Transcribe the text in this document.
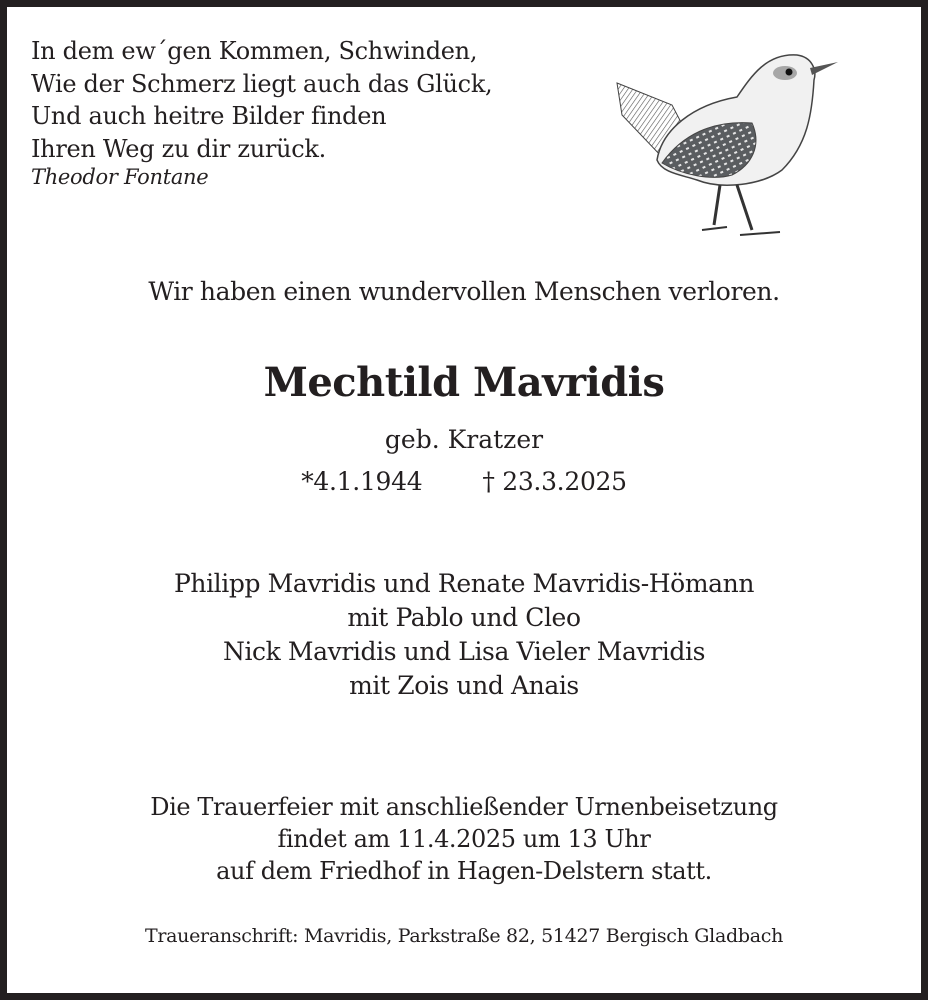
In dem ew´gen Kommen, Schwinden,
Wie der Schmerz liegt auch das Glück,
Und auch heitre Bilder finden
Ihren Weg zu dir zurück.
Theodor Fontane
Wir haben einen wundervollen Menschen verloren.
Mechtild Mavridis
geb. Kratzer
*4.1.1944 † 23.3.2025
Philipp Mavridis und Renate Mavridis-Hömann
mit Pablo und Cleo
Nick Mavridis und Lisa Vieler Mavridis
mit Zois und Anais
Die Trauerfeier mit anschließender Urnenbeisetzung
findet am 11.4.2025 um 13 Uhr
auf dem Friedhof in Hagen-Delstern statt.
Traueranschrift: Mavridis, Parkstraße 82, 51427 Bergisch Gladbach
